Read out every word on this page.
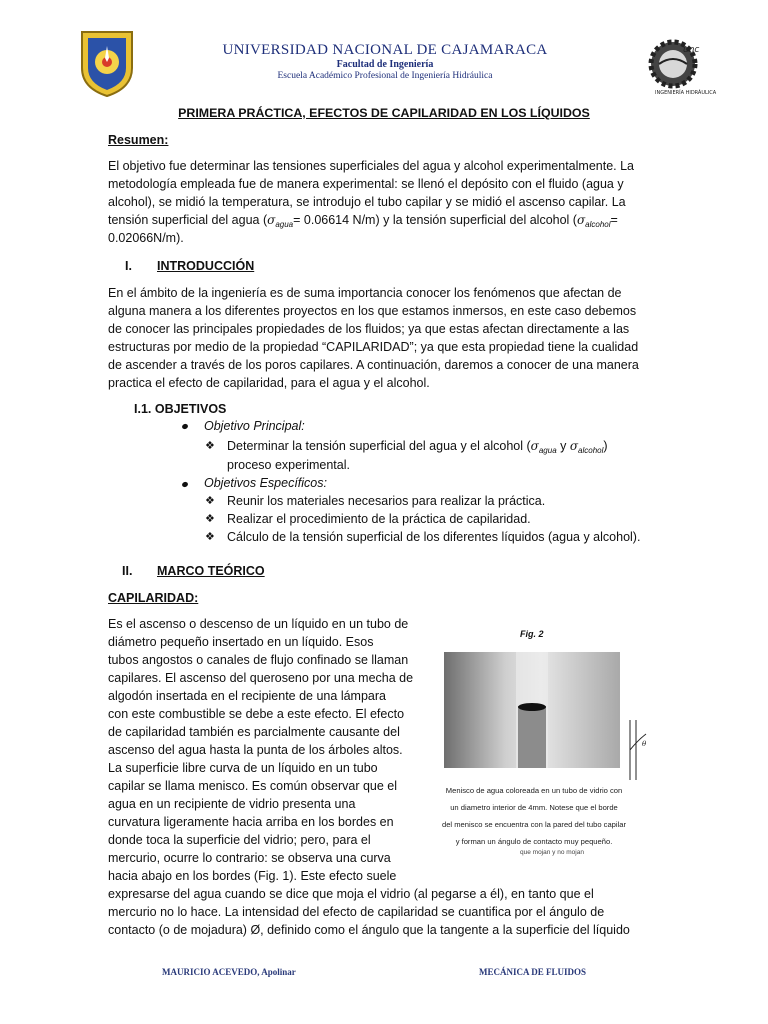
unc
INGENIERÍA HIDRÁULICA
UNIVERSIDAD NACIONAL DE CAJAMARACA
Facultad de Ingeniería
Escuela Académico Profesional de Ingeniería Hidráulica
PRIMERA PRÁCTICA, EFECTOS DE CAPILARIDAD EN LOS LÍQUIDOS
Resumen:
El objetivo fue determinar las tensiones superficiales del agua y alcohol experimentalmente. La
metodología empleada fue de manera experimental: se llenó el depósito con el fluido (agua y
alcohol), se midió la temperatura, se introdujo el tubo capilar y se midió el ascenso capilar. La
tensión superficial del agua ($\sigma_{agua}= 0.06614$ N/m) y la tensión superficial del alcohol ($\sigma_{alcohol}=$
0.02066N/m).
I. INTRODUCCIÓN
En el ámbito de la ingeniería es de suma importancia conocer los fenómenos que afectan de
alguna manera a los diferentes proyectos en los que estamos inmersos, en este caso debemos
de conocer las principales propiedades de los fluidos; ya que estas afectan directamente a las
estructuras por medio de la propiedad “CAPILARIDAD”; ya que esta propiedad tiene la cualidad
de ascender a través de los poros capilares. A continuación, daremos a conocer de una manera
practica el efecto de capilaridad, para el agua y el alcohol.
I.1. OBJETIVOS
Objetivo Principal:
❖ Determinar la tensión superficial del agua y el alcohol ($\sigma_{agua}$ y $\sigma_{alcohol}$)
proceso experimental.
Objetivos Específicos:
❖ Reunir los materiales necesarios para realizar la práctica.
❖ Realizar el procedimiento de la práctica de capilaridad.
❖ Cálculo de la tensión superficial de los diferentes líquidos (agua y alcohol).
II. MARCO TEÓRICO
CAPILARIDAD:
Es el ascenso o descenso de un líquido en un tubo de
diámetro pequeño insertado en un líquido. Esos
tubos angostos o canales de flujo confinado se llaman
capilares. El ascenso del queroseno por una mecha de
algodón insertada en el recipiente de una lámpara
con este combustible se debe a este efecto. El efecto
de capilaridad también es parcialmente causante del
ascenso del agua hasta la punta de los árboles altos.
La superficie libre curva de un líquido en un tubo
capilar se llama menisco. Es común observar que el
agua en un recipiente de vidrio presenta una
curvatura ligeramente hacia arriba en los bordes en
donde toca la superficie del vidrio; pero, para el
mercurio, ocurre lo contrario: se observa una curva
hacia abajo en los bordes (Fig. 1). Este efecto suele
expresarse del agua cuando se dice que moja el vidrio (al pegarse a él), en tanto que el
mercurio no lo hace. La intensidad del efecto de capilaridad se cuantifica por el ángulo de
contacto (o de mojadura) Ø, definido como el ángulo que la tangente a la superficie del líquido
Fig. 2
θ
Menisco de agua coloreada en un tubo de vidrio con
un diametro interior de 4mm. Notese que el borde
del menisco se encuentra con la pared del tubo capilar
y forman un ángulo de contacto muy pequeño.
que mojan y no mojan
MAURICIO ACEVEDO, Apolinar	MECÁNICA DE FLUIDOS
